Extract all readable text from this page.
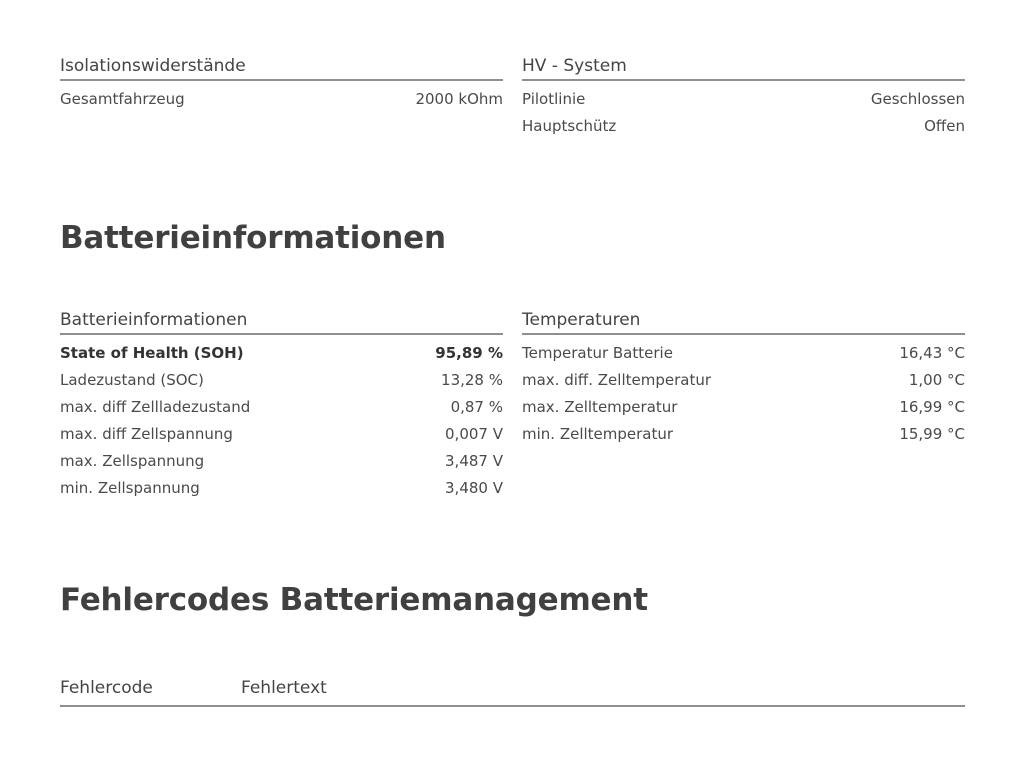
Isolationswiderstände
Gesamtfahrzeug	2000 kOhm
HV - System
Pilotlinie	Geschlossen
Hauptschütz	Offen
Batterieinformationen
Batterieinformationen
State of Health (SOH)	95,89 %
Ladezustand (SOC)	13,28 %
max. diff Zellladezustand	0,87 %
max. diff Zellspannung	0,007 V
max. Zellspannung	3,487 V
min. Zellspannung	3,480 V
Temperaturen
Temperatur Batterie	16,43 °C
max. diff. Zelltemperatur	1,00 °C
max. Zelltemperatur	16,99 °C
min. Zelltemperatur	15,99 °C
Fehlercodes Batteriemanagement
Fehlercode	Fehlertext
